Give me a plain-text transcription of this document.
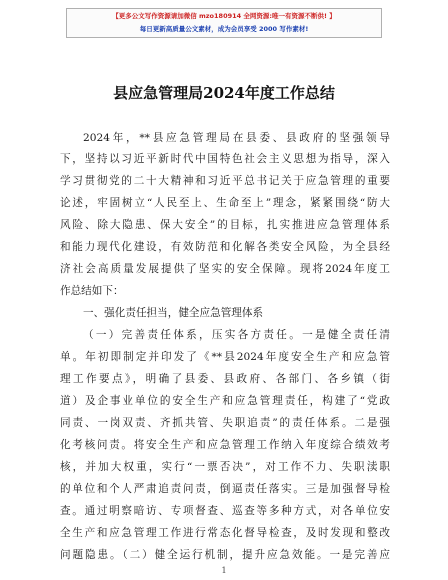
【更多公文写作资源请加微信 mzo180914 全网资源:唯一有资源不断供! 】
每日更新高质量公文素材，成为会员享受 2000 写作素材!
县应急管理局2024年度工作总结
2024年，**县应急管理局在县委、县政府的坚强领导
下，坚持以习近平新时代中国特色社会主义思想为指导，深入
学习贯彻党的二十大精神和习近平总书记关于应急管理的重要
论述，牢固树立“人民至上、生命至上”理念，紧紧围绕“防大
风险、除大隐患、保大安全”的目标，扎实推进应急管理体系
和能力现代化建设，有效防范和化解各类安全风险，为全县经
济社会高质量发展提供了坚实的安全保障。现将2024年度工
作总结如下：
一、强化责任担当，健全应急管理体系
（一）完善责任体系，压实各方责任。一是健全责任清
单。年初即制定并印发了《**县2024年度安全生产和应急管
理工作要点》，明确了县委、县政府、各部门、各乡镇（街
道）及企事业单位的安全生产和应急管理责任，构建了“党政
同责、一岗双责、齐抓共管、失职追责”的责任体系。二是强
化考核问责。将安全生产和应急管理工作纳入年度综合绩效考
核，并加大权重，实行“一票否决”，对工作不力、失职渎职
的单位和个人严肃追责问责，倒逼责任落实。三是加强督导检
查。通过明察暗访、专项督查、巡查等多种方式，对各单位安
全生产和应急管理工作进行常态化督导检查，及时发现和整改
问题隐患。（二）健全运行机制，提升应急效能。一是完善应
1
